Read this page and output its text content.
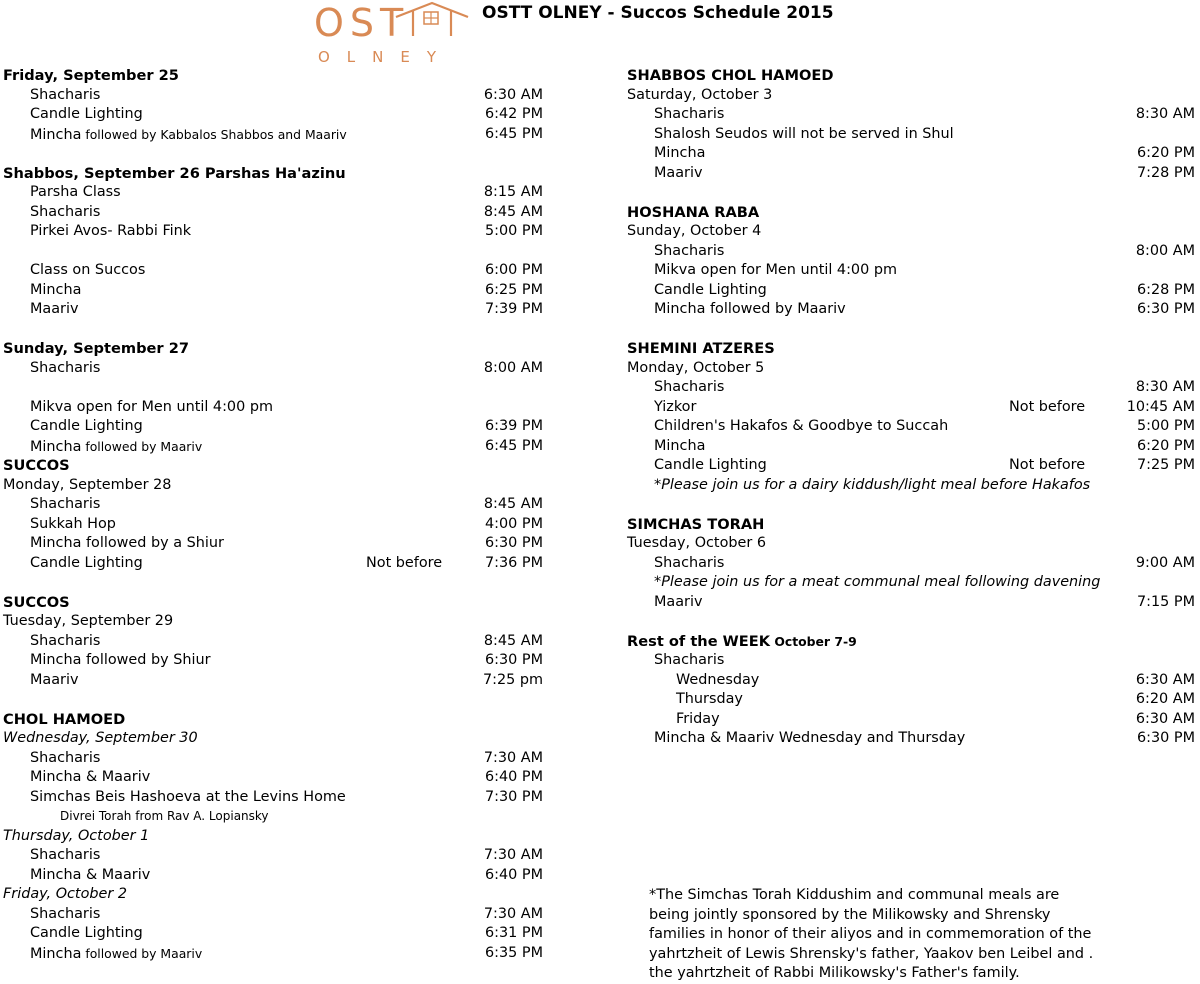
OST
OLNEY
OSTT OLNEY - Succos Schedule 2015
Friday, September 25
Shacharis	6:30 AM
Candle Lighting	6:42 PM
Mincha followed by Kabbalos Shabbos and Maariv	6:45 PM
Shabbos, September 26 Parshas Ha'azinu
Parsha Class	8:15 AM
Shacharis	8:45 AM
Pirkei Avos- Rabbi Fink	5:00 PM
Class on Succos	6:00 PM
Mincha	6:25 PM
Maariv	7:39 PM
Sunday, September 27
Shacharis	8:00 AM
Mikva open for Men until 4:00 pm
Candle Lighting	6:39 PM
Mincha followed by Maariv	6:45 PM
SUCCOS
Monday, September 28
Shacharis	8:45 AM
Sukkah Hop	4:00 PM
Mincha followed by a Shiur	6:30 PM
Candle Lighting	Not before	7:36 PM
SUCCOS
Tuesday, September 29
Shacharis	8:45 AM
Mincha followed by Shiur	6:30 PM
Maariv	7:25 pm
CHOL HAMOED
Wednesday, September 30
Shacharis	7:30 AM
Mincha & Maariv	6:40 PM
Simchas Beis Hashoeva at the Levins Home	7:30 PM
Divrei Torah from Rav A. Lopiansky
Thursday, October 1
Shacharis	7:30 AM
Mincha & Maariv	6:40 PM
Friday, October 2
Shacharis	7:30 AM
Candle Lighting	6:31 PM
Mincha followed by Maariv	6:35 PM
SHABBOS CHOL HAMOED
Saturday, October 3
Shacharis	8:30 AM
Shalosh Seudos will not be served in Shul
Mincha	6:20 PM
Maariv	7:28 PM
HOSHANA RABA
Sunday, October 4
Shacharis	8:00 AM
Mikva open for Men until 4:00 pm
Candle Lighting	6:28 PM
Mincha followed by Maariv	6:30 PM
SHEMINI ATZERES
Monday, October 5
Shacharis	8:30 AM
Yizkor	Not before	10:45 AM
Children's Hakafos & Goodbye to Succah	5:00 PM
Mincha	6:20 PM
Candle Lighting	Not before	7:25 PM
*Please join us for a dairy kiddush/light meal before Hakafos
SIMCHAS TORAH
Tuesday, October 6
Shacharis	9:00 AM
*Please join us for a meat communal meal following davening
Maariv	7:15 PM
Rest of the WEEK October 7-9
Shacharis
Wednesday	6:30 AM
Thursday	6:20 AM
Friday	6:30 AM
Mincha & Maariv Wednesday and Thursday	6:30 PM
*The Simchas Torah Kiddushim and communal meals are
being jointly sponsored by the Milikowsky and Shrensky
families in honor of their aliyos and in commemoration of the
yahrtzheit of Lewis Shrensky's father, Yaakov ben Leibel and .
the yahrtzheit of Rabbi Milikowsky's Father's family.
